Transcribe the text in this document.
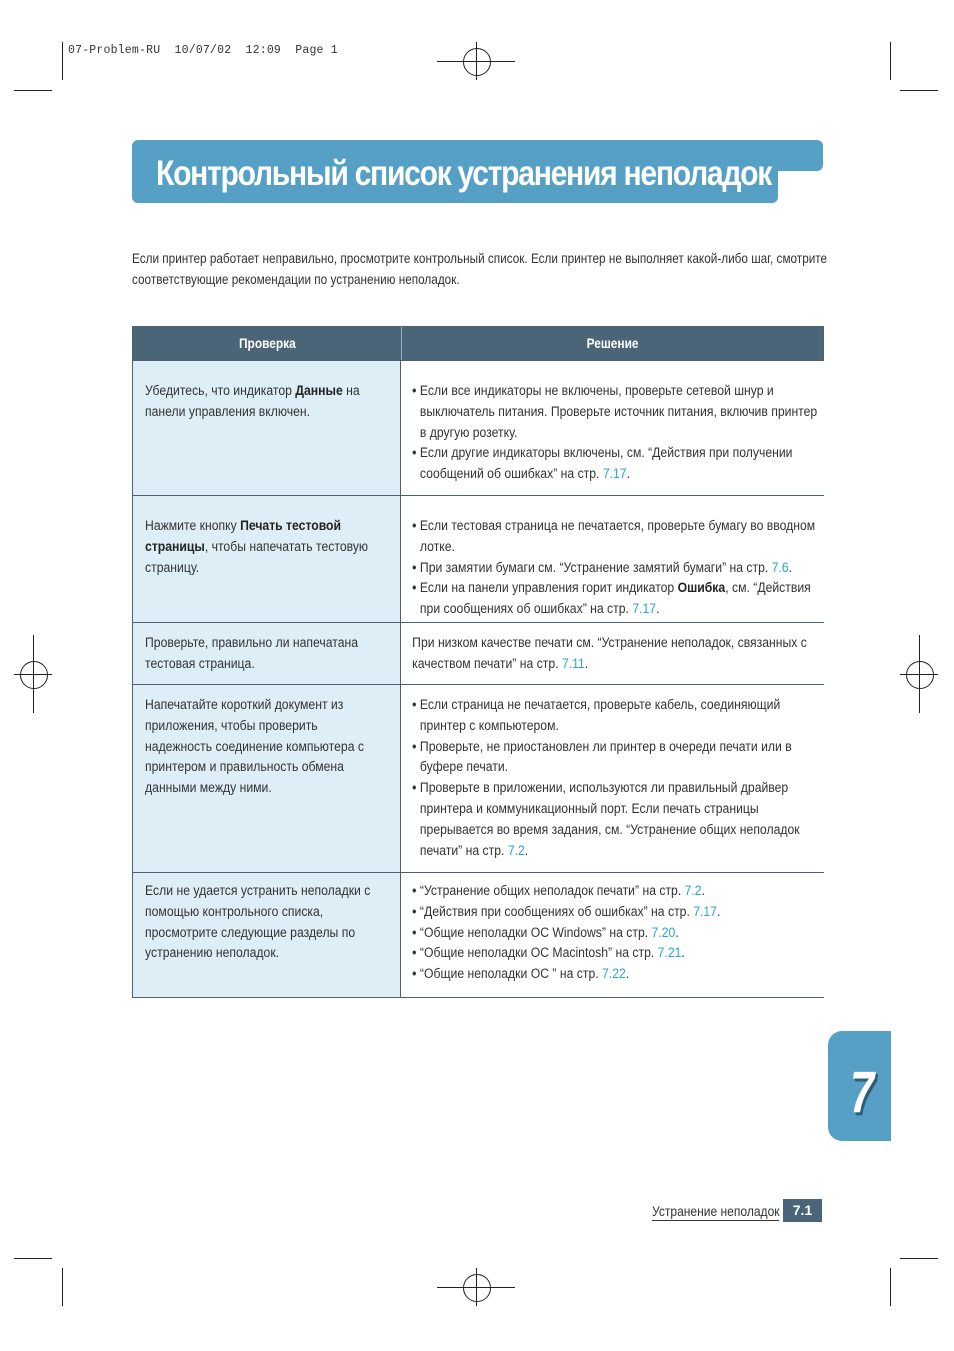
07-Problem-RU  10/07/02  12:09  Page 1
Контрольный список устранения неполадок
Если принтер работает неправильно, просмотрите контрольный список. Если принтер не выполняет какой-либо шаг, смотрите соответствующие рекомендации по устранению неполадок.
Проверка	Решение
Убедитесь, что индикатор Данные на панели управления включен.
• Если все индикаторы не включены, проверьте сетевой шнур и выключатель питания. Проверьте источник питания, включив принтер в другую розетку.
• Если другие индикаторы включены, см. “Действия при получении сообщений об ошибках” на стр. 7.17.
Нажмите кнопку Печать тестовой страницы, чтобы напечатать тестовую страницу.
• Если тестовая страница не печатается, проверьте бумагу во вводном лотке.
• При замятии бумаги см. “Устранение замятий бумаги” на стр. 7.6.
• Если на панели управления горит индикатор Ошибка, см. “Действия при сообщениях об ошибках” на стр. 7.17.
Проверьте, правильно ли напечатана тестовая страница.
При низком качестве печати см. “Устранение неполадок, связанных с качеством печати” на стр. 7.11.
Напечатайте короткий документ из приложения, чтобы проверить надежность соединение компьютера с принтером и правильность обмена данными между ними.
• Если страница не печатается, проверьте кабель, соединяющий принтер с компьютером.
• Проверьте, не приостановлен ли принтер в очереди печати или в буфере печати.
• Проверьте в приложении, используются ли правильный драйвер принтера и коммуникационный порт. Если печать страницы прерывается во время задания, см. “Устранение общих неполадок печати” на стр. 7.2.
Если не удается устранить неполадки с помощью контрольного списка, просмотрите следующие разделы по устранению неполадок.
• “Устранение общих неполадок печати” на стр. 7.2.
• “Действия при сообщениях об ошибках” на стр. 7.17.
• “Общие неполадки ОС Windows” на стр. 7.20.
• “Общие неполадки ОС Macintosh” на стр. 7.21.
• “Общие неполадки ОС ” на стр. 7.22.
7
Устранение неполадок 7.1
